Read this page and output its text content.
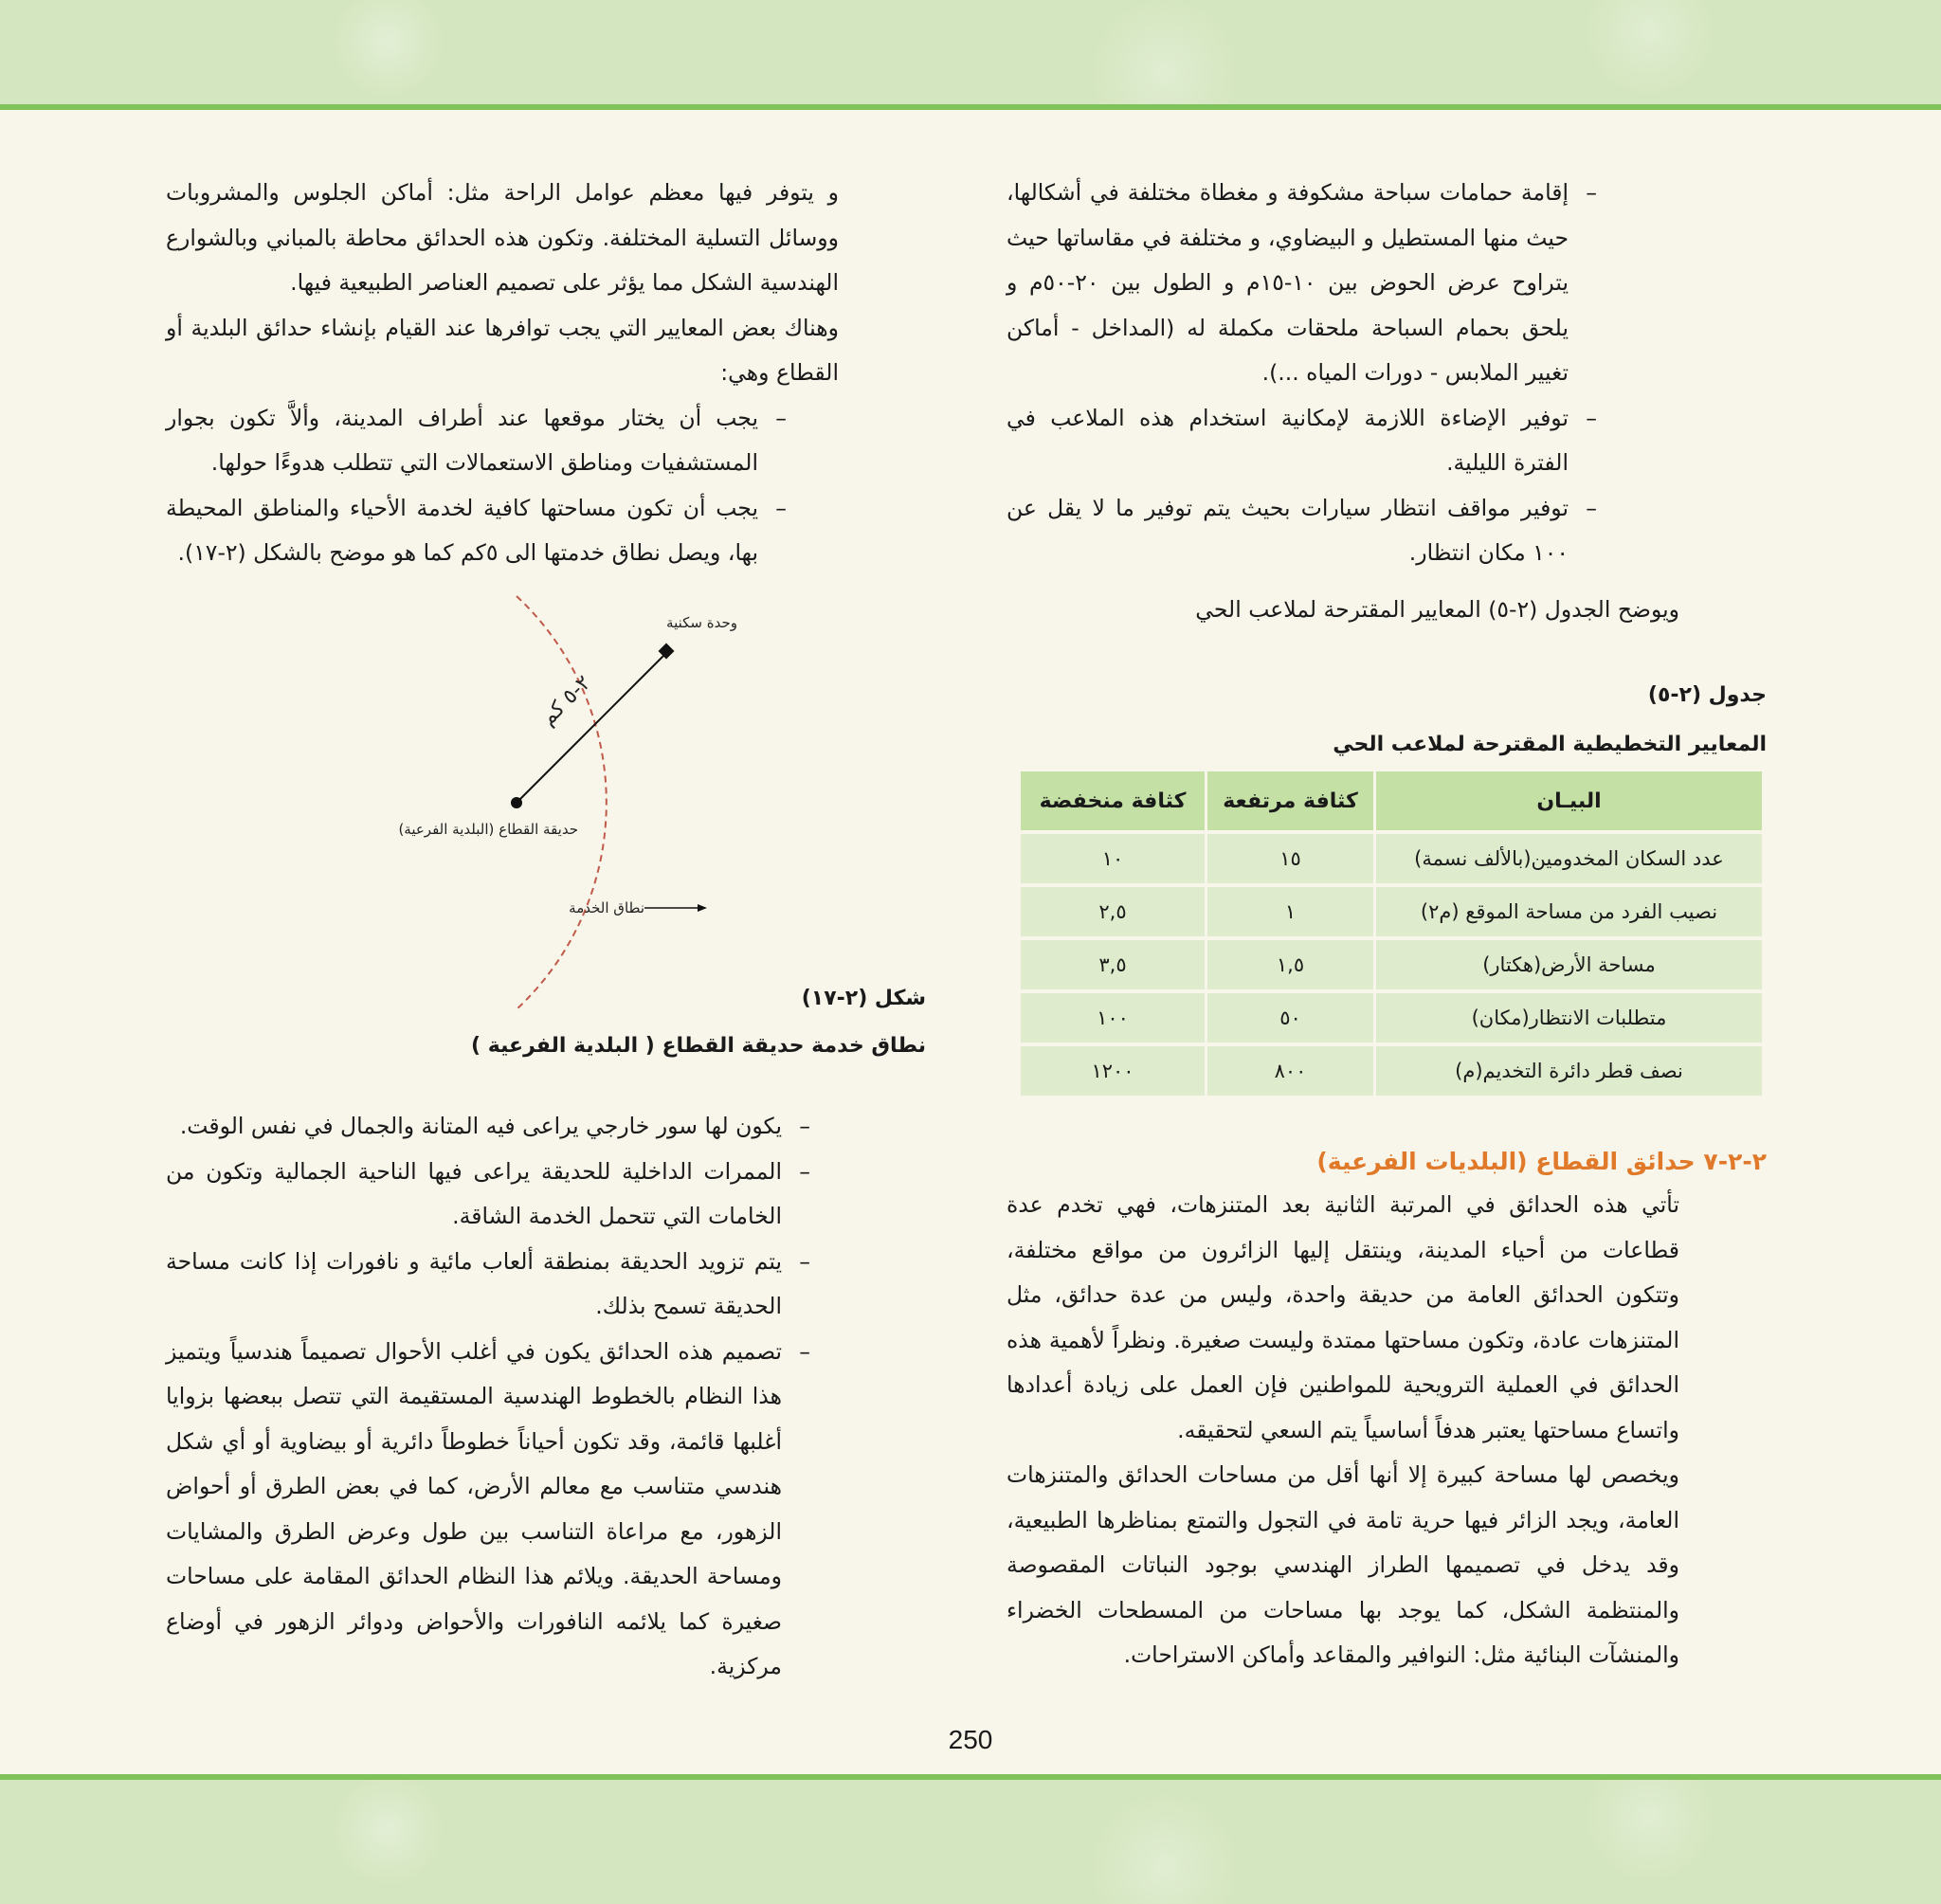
– إقامة حمامات سباحة مشكوفة و مغطاة مختلفة في أشكالها، حيث منها المستطيل و البيضاوي، و مختلفة في مقاساتها حيث يتراوح عرض الحوض بين ١٠-١٥م و الطول بين ٢٠-٥٠م و يلحق بحمام السباحة ملحقات مكملة له (المداخل - أماكن تغيير الملابس - دورات المياه ...).
– توفير الإضاءة اللازمة لإمكانية استخدام هذه الملاعب في الفترة الليلية.
– توفير مواقف انتظار سيارات بحيث يتم توفير ما لا يقل عن ١٠٠ مكان انتظار.
ويوضح الجدول (٢-٥) المعايير المقترحة لملاعب الحي
جدول (٢-٥)
المعايير التخطيطية المقترحة لملاعب الحي
البيـان	كثافة مرتفعة	كثافة منخفضة
عدد السكان المخدومين(بالألف نسمة)	١٥	١٠
نصيب الفرد من مساحة الموقع (م٢)	١	٢,٥
مساحة الأرض(هكتار)	١,٥	٣,٥
متطلبات الانتظار(مكان)	٥٠	١٠٠
نصف قطر دائرة التخديم(م)	٨٠٠	١٢٠٠
٢-٢-٧ حدائق القطاع (البلديات الفرعية)

تأتي هذه الحدائق في المرتبة الثانية بعد المتنزهات، فهي تخدم عدة قطاعات من أحياء المدينة، وينتقل إليها الزائرون من مواقع مختلفة، وتتكون الحدائق العامة من حديقة واحدة، وليس من عدة حدائق، مثل المتنزهات عادة، وتكون مساحتها ممتدة وليست صغيرة. ونظراً لأهمية هذه الحدائق في العملية الترويحية للمواطنين فإن العمل على زيادة أعدادها واتساع مساحتها يعتبر هدفاً أساسياً يتم السعي لتحقيقه.

ويخصص لها مساحة كبيرة إلا أنها أقل من مساحات الحدائق والمتنزهات العامة، ويجد الزائر فيها حرية تامة في التجول والتمتع بمناظرها الطبيعية، وقد يدخل في تصميمها الطراز الهندسي بوجود النباتات المقصوصة والمنتظمة الشكل، كما يوجد بها مساحات من المسطحات الخضراء والمنشآت البنائية مثل: النوافير والمقاعد وأماكن الاستراحات.

و يتوفر فيها معظم عوامل الراحة مثل: أماكن الجلوس والمشروبات ووسائل التسلية المختلفة. وتكون هذه الحدائق محاطة بالمباني وبالشوارع الهندسية الشكل مما يؤثر على تصميم العناصر الطبيعية فيها.

وهناك بعض المعايير التي يجب توافرها عند القيام بإنشاء حدائق البلدية أو القطاع وهي:

– يجب أن يختار موقعها عند أطراف المدينة، وألاَّ تكون بجوار المستشفيات ومناطق الاستعمالات التي تتطلب هدوءًا حولها.
– يجب أن تكون مساحتها كافية لخدمة الأحياء والمناطق المحيطة بها، ويصل نطاق خدمتها الى ٥كم كما هو موضح بالشكل (٢-١٧).
وحدة سكنية
حديقة القطاع (البلدية الفرعية)
نطاق الخدمة
٢-٥ كم
شكل (٢-١٧)
نطاق خدمة حديقة القطاع ( البلدية الفرعية )
– يكون لها سور خارجي يراعى فيه المتانة والجمال في نفس الوقت.
– الممرات الداخلية للحديقة يراعى فيها الناحية الجمالية وتكون من الخامات التي تتحمل الخدمة الشاقة.
– يتم تزويد الحديقة بمنطقة ألعاب مائية و نافورات إذا كانت مساحة الحديقة تسمح بذلك.
– تصميم هذه الحدائق يكون في أغلب الأحوال تصميماً هندسياً ويتميز هذا النظام بالخطوط الهندسية المستقيمة التي تتصل ببعضها بزوايا أغلبها قائمة، وقد تكون أحياناً خطوطاً دائرية أو بيضاوية أو أي شكل هندسي متناسب مع معالم الأرض، كما في بعض الطرق أو أحواض الزهور، مع مراعاة التناسب بين طول وعرض الطرق والمشايات ومساحة الحديقة. ويلائم هذا النظام الحدائق المقامة على مساحات صغيرة كما يلائمه النافورات والأحواض ودوائر الزهور في أوضاع مركزية.
250
